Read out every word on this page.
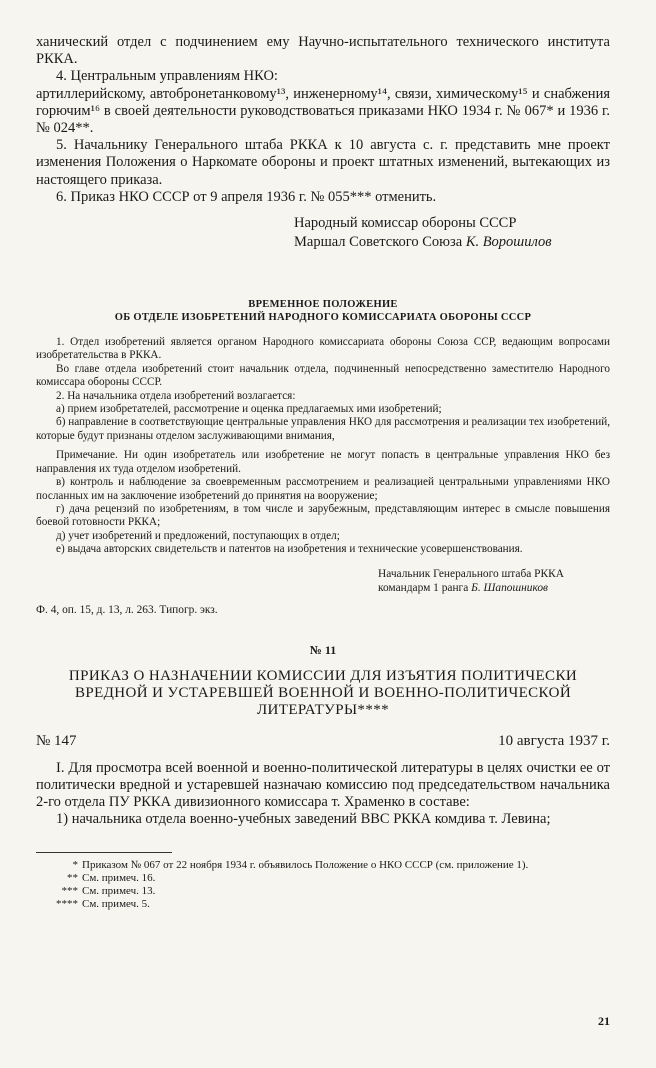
ханический отдел с подчинением ему Научно-испытательного технического института РККА.

4. Центральным управлениям НКО:

артиллерийскому, автобронетанковому¹³, инженерному¹⁴, связи, химическому¹⁵ и снабжения горючим¹⁶ в своей деятельности руководствоваться приказами НКО 1934 г. № 067* и 1936 г. № 024**.

5. Начальнику Генерального штаба РККА к 10 августа с. г. представить мне проект изменения Положения о Наркомате обороны и проект штатных изменений, вытекающих из настоящего приказа.

6. Приказ НКО СССР от 9 апреля 1936 г. № 055*** отменить.

Народный комиссар обороны СССР
Маршал Советского Союза К. Ворошилов

ВРЕМЕННОЕ ПОЛОЖЕНИЕ

ОБ ОТДЕЛЕ ИЗОБРЕТЕНИЙ НАРОДНОГО КОМИССАРИАТА ОБОРОНЫ СССР

1. Отдел изобретений является органом Народного комиссариата обороны Союза ССР, ведающим вопросами изобретательства в РККА.

Во главе отдела изобретений стоит начальник отдела, подчиненный непосредственно заместителю Народного комиссара обороны СССР.

2. На начальника отдела изобретений возлагается:

а) прием изобретателей, рассмотрение и оценка предлагаемых ими изобретений;

б) направление в соответствующие центральные управления НКО для рассмотрения и реализации тех изобретений, которые будут признаны отделом заслуживающими внимания,

Примечание. Ни один изобретатель или изобретение не могут попасть в центральные управления НКО без направления их туда отделом изобретений.

в) контроль и наблюдение за своевременным рассмотрением и реализацией центральными управлениями НКО посланных им на заключение изобретений до принятия на вооружение;

г) дача рецензий по изобретениям, в том числе и зарубежным, представляющим интерес в смысле повышения боевой готовности РККА;

д) учет изобретений и предложений, поступающих в отдел;

е) выдача авторских свидетельств и патентов на изобретения и технические усовершенствования.

Начальник Генерального штаба РККА
командарм 1 ранга Б. Шапошников

Ф. 4, оп. 15, д. 13, л. 263. Типогр. экз.

№ 11

ПРИКАЗ О НАЗНАЧЕНИИ КОМИССИИ ДЛЯ ИЗЪЯТИЯ ПОЛИТИЧЕСКИ ВРЕДНОЙ И УСТАРЕВШЕЙ ВОЕННОЙ И ВОЕННО-ПОЛИТИЧЕСКОЙ ЛИТЕРАТУРЫ****

№ 147	10 августа 1937 г.

I. Для просмотра всей военной и военно-политической литературы в целях очистки ее от политически вредной и устаревшей назначаю комиссию под председательством начальника 2-го отдела ПУ РККА дивизионного комиссара т. Храменко в составе:

1) начальника отдела военно-учебных заведений ВВС РККА комдива т. Левина;

* Приказом № 067 от 22 ноября 1934 г. объявилось Положение о НКО СССР (см. приложение 1).

** См. примеч. 16.

*** См. примеч. 13.

**** См. примеч. 5.

21
